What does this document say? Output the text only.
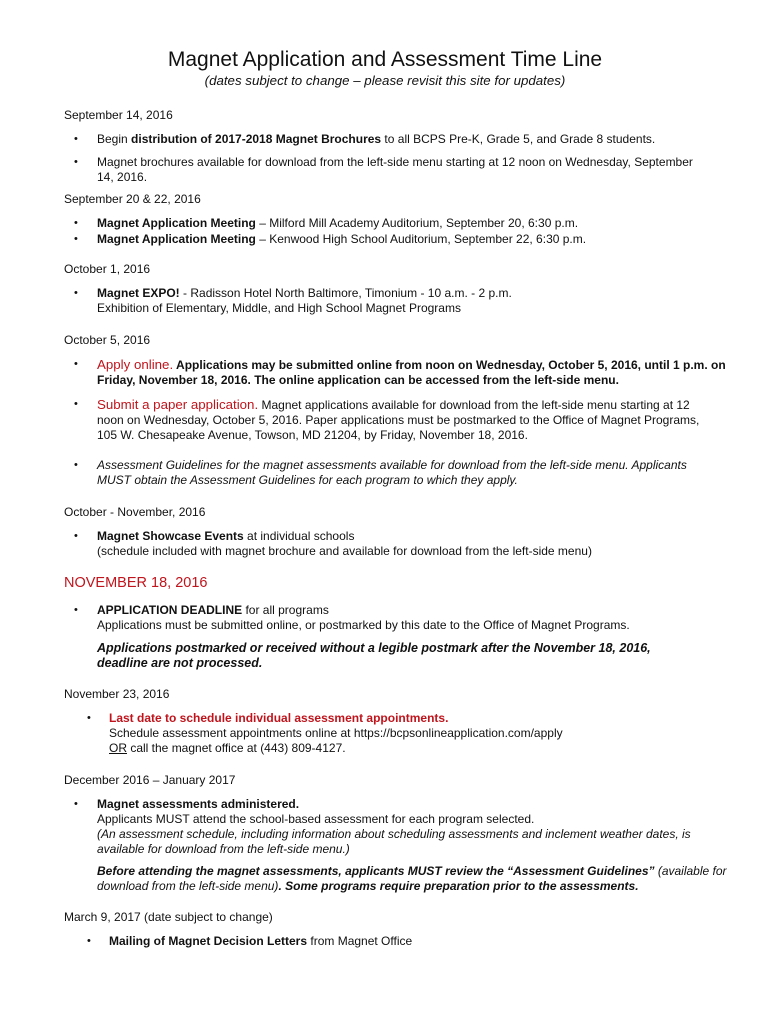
Magnet Application and Assessment Time Line
(dates subject to change – please revisit this site for updates)
September 14, 2016
• Begin distribution of 2017-2018 Magnet Brochures to all BCPS Pre-K, Grade 5, and Grade 8 students.
• Magnet brochures available for download from the left-side menu starting at 12 noon on Wednesday, September
14, 2016.
September 20 & 22, 2016
• Magnet Application Meeting – Milford Mill Academy Auditorium, September 20, 6:30 p.m.
• Magnet Application Meeting – Kenwood High School Auditorium, September 22, 6:30 p.m.
October 1, 2016
• Magnet EXPO! - Radisson Hotel North Baltimore, Timonium - 10 a.m. - 2 p.m.
Exhibition of Elementary, Middle, and High School Magnet Programs
October 5, 2016
• Apply online. Applications may be submitted online from noon on Wednesday, October 5, 2016, until 1 p.m. on
Friday, November 18, 2016. The online application can be accessed from the left-side menu.
• Submit a paper application. Magnet applications available for download from the left-side menu starting at 12
noon on Wednesday, October 5, 2016. Paper applications must be postmarked to the Office of Magnet Programs,
105 W. Chesapeake Avenue, Towson, MD 21204, by Friday, November 18, 2016.
• Assessment Guidelines for the magnet assessments available for download from the left-side menu. Applicants
MUST obtain the Assessment Guidelines for each program to which they apply.
October - November, 2016
• Magnet Showcase Events at individual schools
(schedule included with magnet brochure and available for download from the left-side menu)
NOVEMBER 18, 2016
• APPLICATION DEADLINE for all programs
Applications must be submitted online, or postmarked by this date to the Office of Magnet Programs.
Applications postmarked or received without a legible postmark after the November 18, 2016,
deadline are not processed.
November 23, 2016
• Last date to schedule individual assessment appointments.
Schedule assessment appointments online at https://bcpsonlineapplication.com/apply
OR call the magnet office at (443) 809-4127.
December 2016 – January 2017
• Magnet assessments administered.
Applicants MUST attend the school-based assessment for each program selected.
(An assessment schedule, including information about scheduling assessments and inclement weather dates, is
available for download from the left-side menu.)
Before attending the magnet assessments, applicants MUST review the “Assessment Guidelines” (available for
download from the left-side menu). Some programs require preparation prior to the assessments.
March 9, 2017 (date subject to change)
• Mailing of Magnet Decision Letters from Magnet Office
